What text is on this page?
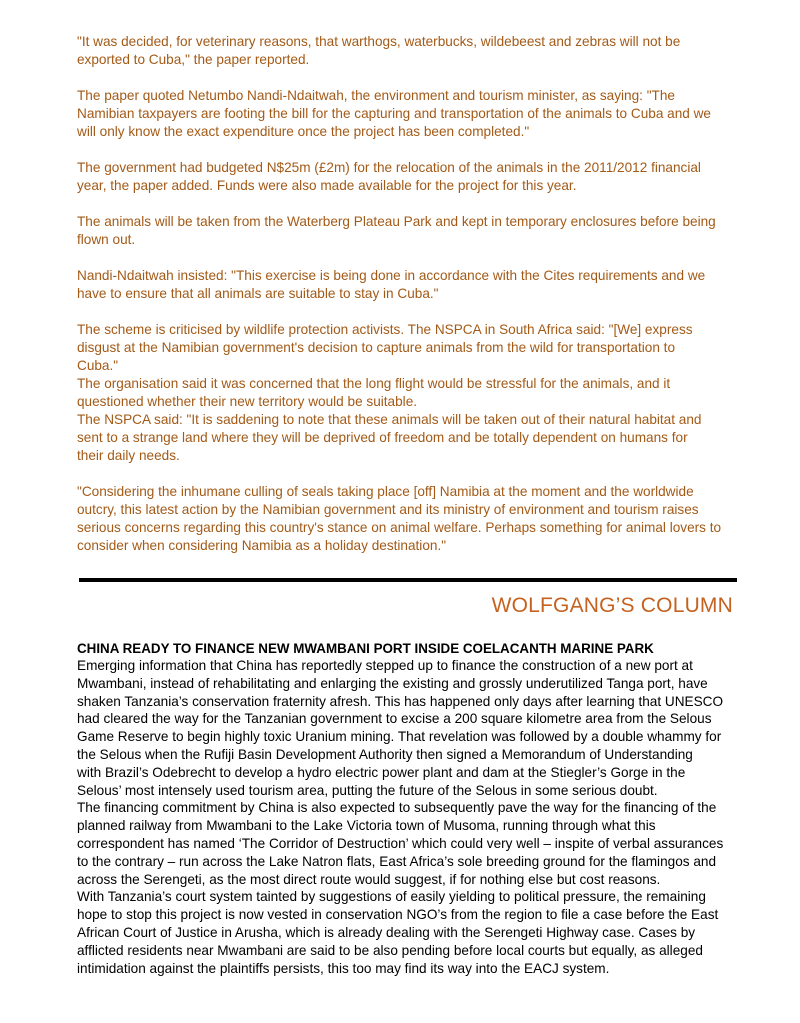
"It was decided, for veterinary reasons, that warthogs, waterbucks, wildebeest and zebras will not be
exported to Cuba," the paper reported.

The paper quoted Netumbo Nandi-Ndaitwah, the environment and tourism minister, as saying: "The
Namibian taxpayers are footing the bill for the capturing and transportation of the animals to Cuba and we
will only know the exact expenditure once the project has been completed."

The government had budgeted N$25m (£2m) for the relocation of the animals in the 2011/2012 financial
year, the paper added. Funds were also made available for the project for this year.

The animals will be taken from the Waterberg Plateau Park and kept in temporary enclosures before being
flown out.

Nandi-Ndaitwah insisted: "This exercise is being done in accordance with the Cites requirements and we
have to ensure that all animals are suitable to stay in Cuba."

The scheme is criticised by wildlife protection activists. The NSPCA in South Africa said: "[We] express
disgust at the Namibian government's decision to capture animals from the wild for transportation to
Cuba."

The organisation said it was concerned that the long flight would be stressful for the animals, and it
questioned whether their new territory would be suitable.

The NSPCA said: "It is saddening to note that these animals will be taken out of their natural habitat and
sent to a strange land where they will be deprived of freedom and be totally dependent on humans for
their daily needs.

"Considering the inhumane culling of seals taking place [off] Namibia at the moment and the worldwide
outcry, this latest action by the Namibian government and its ministry of environment and tourism raises
serious concerns regarding this country's stance on animal welfare. Perhaps something for animal lovers to
consider when considering Namibia as a holiday destination."

WOLFGANG’S COLUMN

CHINA READY TO FINANCE NEW MWAMBANI PORT INSIDE COELACANTH MARINE PARK

Emerging information that China has reportedly stepped up to finance the construction of a new port at
Mwambani, instead of rehabilitating and enlarging the existing and grossly underutilized Tanga port, have
shaken Tanzania’s conservation fraternity afresh. This has happened only days after learning that UNESCO
had cleared the way for the Tanzanian government to excise a 200 square kilometre area from the Selous
Game Reserve to begin highly toxic Uranium mining. That revelation was followed by a double whammy for
the Selous when the Rufiji Basin Development Authority then signed a Memorandum of Understanding
with Brazil’s Odebrecht to develop a hydro electric power plant and dam at the Stiegler’s Gorge in the
Selous’ most intensely used tourism area, putting the future of the Selous in some serious doubt.

The financing commitment by China is also expected to subsequently pave the way for the financing of the
planned railway from Mwambani to the Lake Victoria town of Musoma, running through what this
correspondent has named ‘The Corridor of Destruction’ which could very well – inspite of verbal assurances
to the contrary – run across the Lake Natron flats, East Africa’s sole breeding ground for the flamingos and
across the Serengeti, as the most direct route would suggest, if for nothing else but cost reasons.

With Tanzania’s court system tainted by suggestions of easily yielding to political pressure, the remaining
hope to stop this project is now vested in conservation NGO’s from the region to file a case before the East
African Court of Justice in Arusha, which is already dealing with the Serengeti Highway case. Cases by
afflicted residents near Mwambani are said to be also pending before local courts but equally, as alleged
intimidation against the plaintiffs persists, this too may find its way into the EACJ system.
